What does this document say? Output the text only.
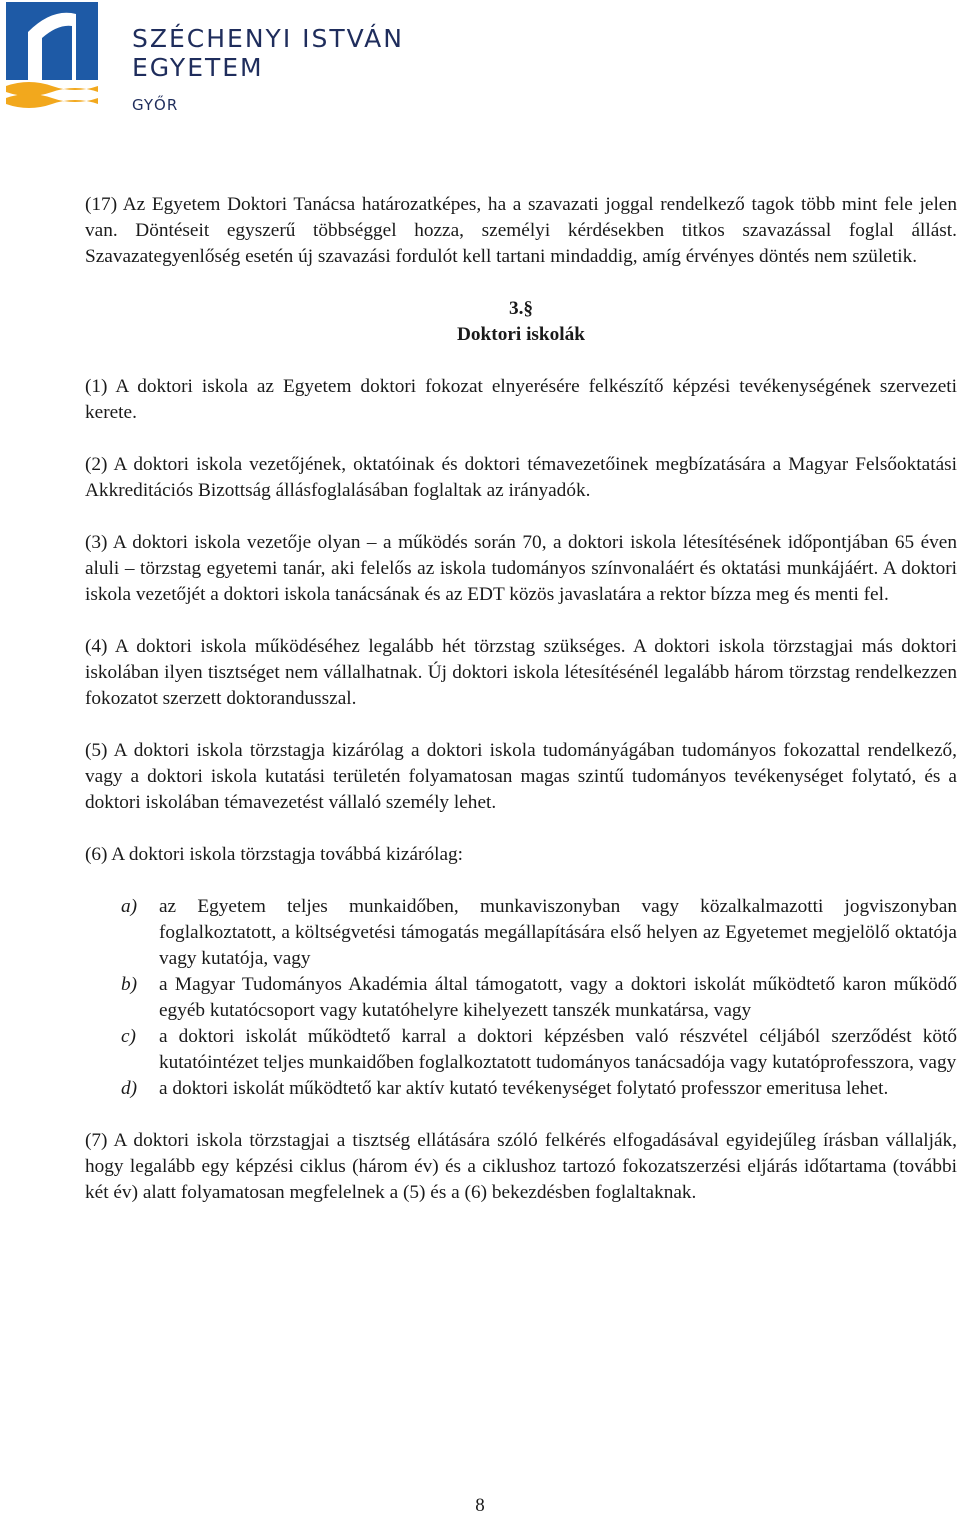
SZÉCHENYI ISTVÁN
EGYETEM
GYŐR

(17) Az Egyetem Doktori Tanácsa határozatképes, ha a szavazati joggal rendelkező tagok több mint fele jelen van. Döntéseit egyszerű többséggel hozza, személyi kérdésekben titkos szavazással foglal állást. Szavazategyenlőség esetén új szavazási fordulót kell tartani mindaddig, amíg érvényes döntés nem születik.

3.§
Doktori iskolák

(1) A doktori iskola az Egyetem doktori fokozat elnyerésére felkészítő képzési tevékenységének szervezeti kerete.

(2) A doktori iskola vezetőjének, oktatóinak és doktori témavezetőinek megbízatására a Magyar Felsőoktatási Akkreditációs Bizottság állásfoglalásában foglaltak az irányadók.

(3) A doktori iskola vezetője olyan – a működés során 70, a doktori iskola létesítésének időpontjában 65 éven aluli – törzstag egyetemi tanár, aki felelős az iskola tudományos színvonaláért és oktatási munkájáért. A doktori iskola vezetőjét a doktori iskola tanácsának és az EDT közös javaslatára a rektor bízza meg és menti fel.

(4) A doktori iskola működéséhez legalább hét törzstag szükséges. A doktori iskola törzstagjai más doktori iskolában ilyen tisztséget nem vállalhatnak. Új doktori iskola létesítésénél legalább három törzstag rendelkezzen fokozatot szerzett doktorandusszal.

(5) A doktori iskola törzstagja kizárólag a doktori iskola tudományágában tudományos fokozattal rendelkező, vagy a doktori iskola kutatási területén folyamatosan magas szintű tudományos tevékenységet folytató, és a doktori iskolában témavezetést vállaló személy lehet.

(6) A doktori iskola törzstagja továbbá kizárólag:

a)	az Egyetem teljes munkaidőben, munkaviszonyban vagy közalkalmazotti jogviszonyban foglalkoztatott, a költségvetési támogatás megállapítására első helyen az Egyetemet megjelölő oktatója vagy kutatója, vagy
b)	a Magyar Tudományos Akadémia által támogatott, vagy a doktori iskolát működtető karon működő egyéb kutatócsoport vagy kutatóhelyre kihelyezett tanszék munkatársa, vagy
c)	a doktori iskolát működtető karral a doktori képzésben való részvétel céljából szerződést kötő kutatóintézet teljes munkaidőben foglalkoztatott tudományos tanácsadója vagy kutatóprofesszora, vagy
d)	a doktori iskolát működtető kar aktív kutató tevékenységet folytató professzor emeritusa lehet.

(7) A doktori iskola törzstagjai a tisztség ellátására szóló felkérés elfogadásával egyidejűleg írásban vállalják, hogy legalább egy képzési ciklus (három év) és a ciklushoz tartozó fokozatszerzési eljárás időtartama (további két év) alatt folyamatosan megfelelnek a (5) és a (6) bekezdésben foglaltaknak.

8
